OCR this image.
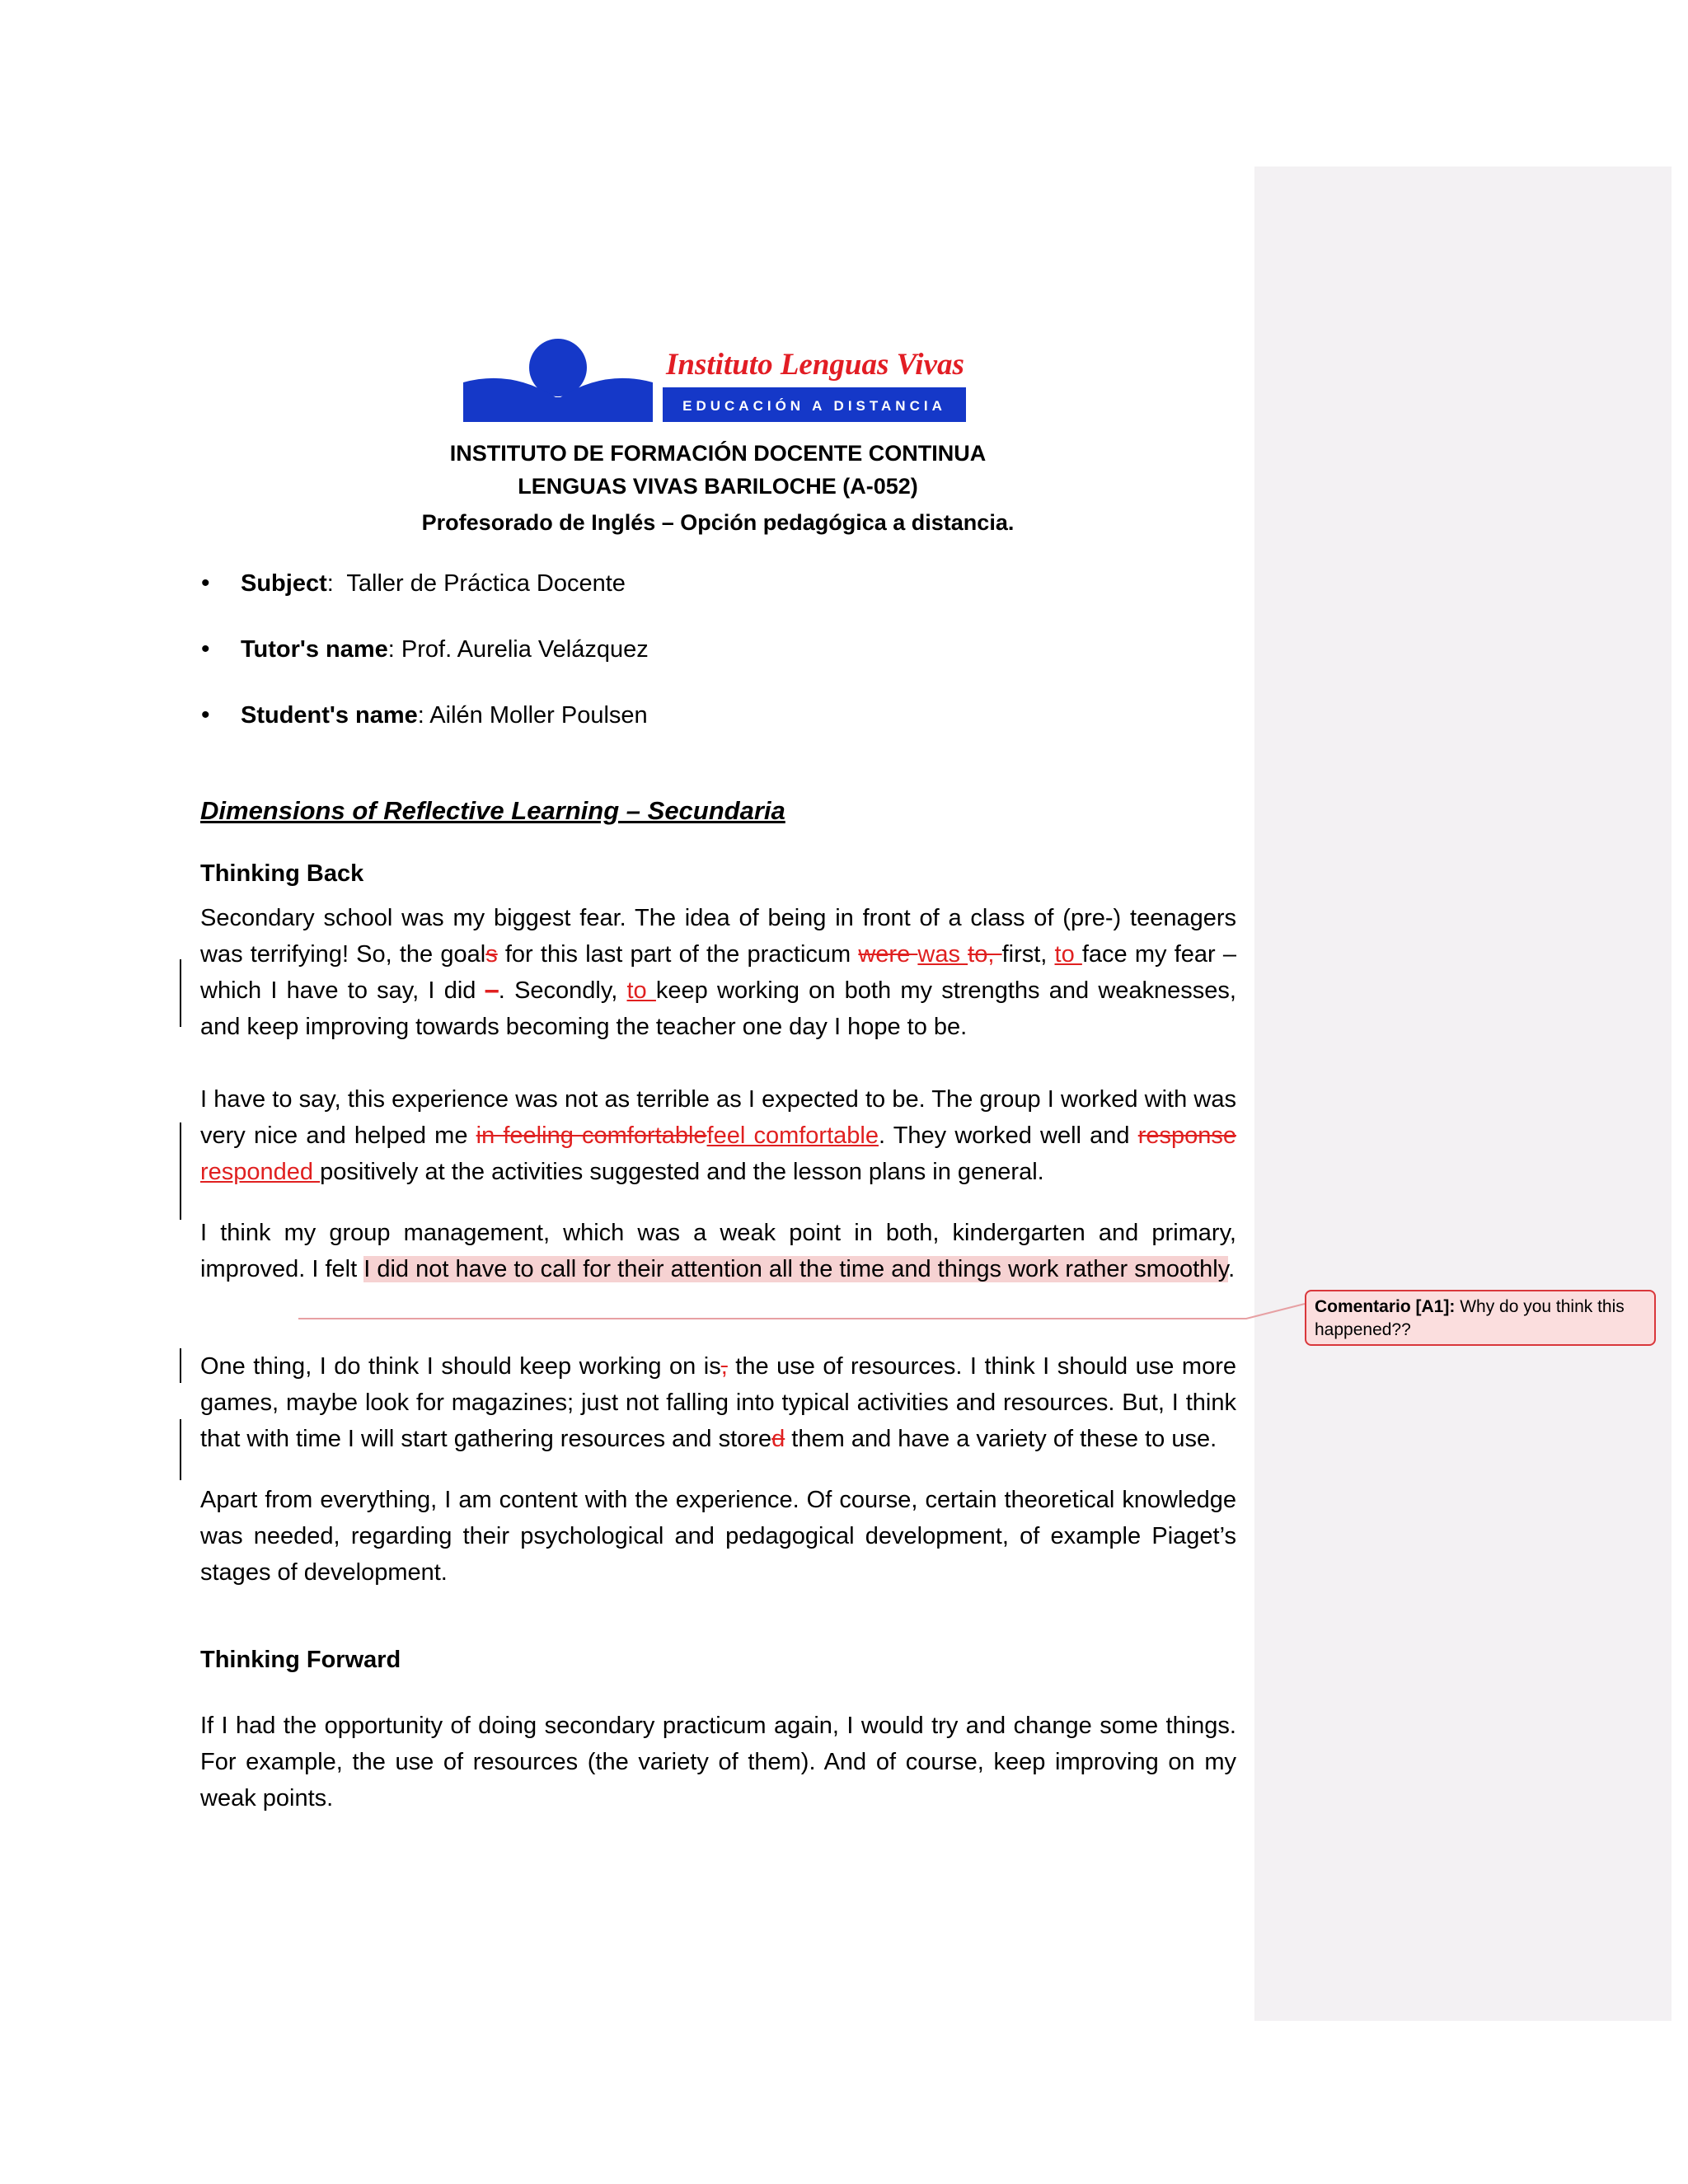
Instituto Lenguas Vivas
EDUCACIÓN A DISTANCIA
INSTITUTO DE FORMACIÓN DOCENTE CONTINUA
LENGUAS VIVAS BARILOCHE (A-052)
Profesorado de Inglés – Opción pedagógica a distancia.
• Subject:  Taller de Práctica Docente
• Tutor's name: Prof. Aurelia Velázquez
• Student's name: Ailén Moller Poulsen
Dimensions of Reflective Learning – Secundaria
Thinking Back

Secondary school was my biggest fear. The idea of being in front of a class of (pre-) teenagers was terrifying! So, the goals for this last part of the practicum were was to, first, to face my fear –which I have to say, I did –. Secondly, to keep working on both my strengths and weaknesses, and keep improving towards becoming the teacher one day I hope to be.

I have to say, this experience was not as terrible as I expected to be. The group I worked with was very nice and helped me in feeling comfortablefeel comfortable. They worked well and response responded positively at the activities suggested and the lesson plans in general.

I think my group management, which was a weak point in both, kindergarten and primary, improved. I felt I did not have to call for their attention all the time and things work rather smoothly.

One thing, I do think I should keep working on is, the use of resources. I think I should use more games, maybe look for magazines; just not falling into typical activities and resources. But, I think that with time I will start gathering resources and stored them and have a variety of these to use.

Apart from everything, I am content with the experience. Of course, certain theoretical knowledge was needed, regarding their psychological and pedagogical development, of example Piaget’s stages of development.

Thinking Forward

If I had the opportunity of doing secondary practicum again, I would try and change some things. For example, the use of resources (the variety of them). And of course, keep improving on my weak points.

Comentario [A1]: Why do you think this happened??
